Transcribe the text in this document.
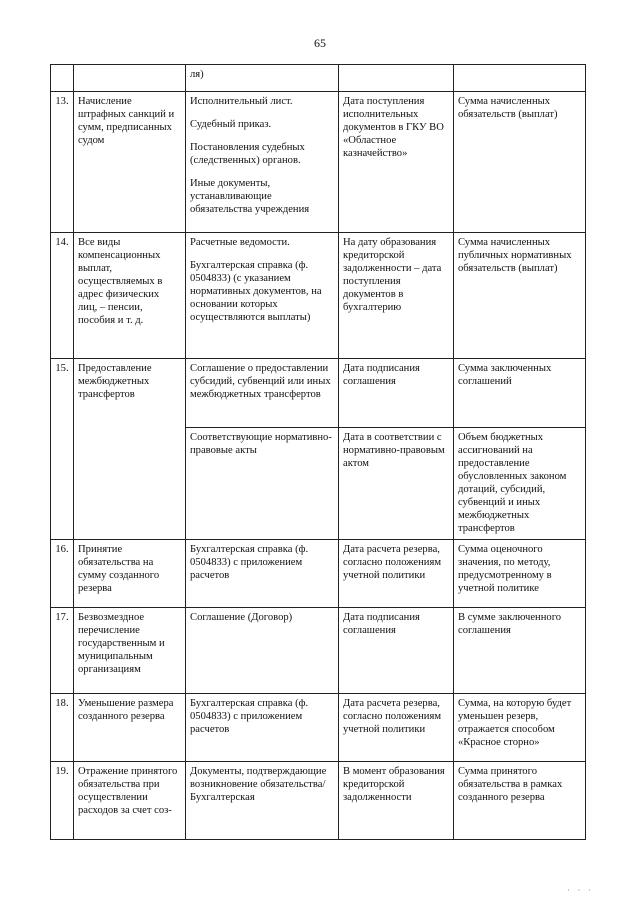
65
		ля)		
13.	Начисление штрафных санкций и сумм, предписанных судом	Исполнительный лист.

Судебный приказ.

Постановления судебных (следственных) органов.

Иные документы, устанавливающие обязательства учреждения	Дата поступления исполнительных документов в ГКУ ВО «Областное казначейство»	Сумма начисленных обязательств (выплат)
14.	Все виды компенсационных выплат, осуществляемых в адрес физических лиц, – пенсии, пособия и т. д.	Расчетные ведомости.

Бухгалтерская справка (ф. 0504833) (с указанием нормативных документов, на основании которых осуществляются выплаты)	На дату образования кредиторской задолженности – дата поступления документов в бухгалтерию	Сумма начисленных публичных нормативных обязательств (выплат)
15.	Предоставление межбюджетных трансфертов	Соглашение о предоставлении субсидий, субвенций или иных межбюджетных трансфертов	Дата подписания соглашения	Сумма заключенных соглашений
		Соответствующие нормативно-правовые акты	Дата в соответствии с нормативно-правовым актом	Объем бюджетных ассигнований на предоставление обусловленных законом дотаций, субсидий, субвенций и иных межбюджетных трансфертов
16.	Принятие обязательства на сумму созданного резерва	Бухгалтерская справка (ф. 0504833) с приложением расчетов	Дата расчета резерва, согласно положениям учетной политики	Сумма оценочного значения, по методу, предусмотренному в учетной политике
17.	Безвозмездное перечисление государственным и муниципальным организациям	Соглашение (Договор)	Дата подписания соглашения	В сумме заключенного соглашения
18.	Уменьшение размера созданного резерва	Бухгалтерская справка (ф. 0504833) с приложением расчетов	Дата расчета резерва, согласно положениям учетной политики	Сумма, на которую будет уменьшен резерв, отражается способом «Красное сторно»
19.	Отражение принятого обязательства при осуществлении расходов за счет соз-	Документы, подтверждающие возникновение обязательства/Бухгалтерская	В момент образования кредиторской задолженности	Сумма принятого обязательства в рамках созданного резерва
· · ·
